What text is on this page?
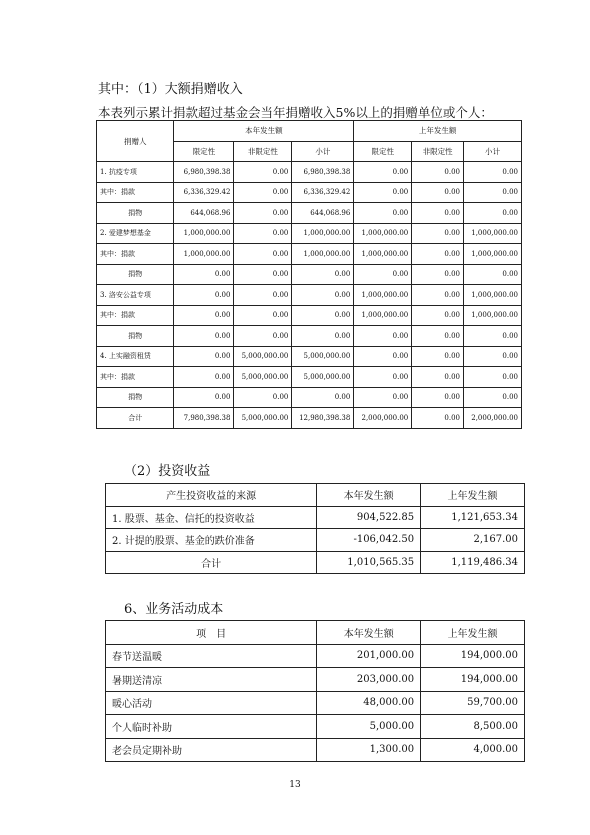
其中：（1）大额捐赠收入
本表列示累计捐款超过基金会当年捐赠收入5%以上的捐赠单位或个人：
捐赠人	本年发生额			上年发生额		
	限定性	非限定性	小计	限定性	非限定性	小计
1. 抗疫专项	6,980,398.38	0.00	6,980,398.38	0.00	0.00	0.00
其中：捐款	6,336,329.42	0.00	6,336,329.42	0.00	0.00	0.00
捐物	644,068.96	0.00	644,068.96	0.00	0.00	0.00
2. 爱建梦想基金	1,000,000.00	0.00	1,000,000.00	1,000,000.00	0.00	1,000,000.00
其中：捐款	1,000,000.00	0.00	1,000,000.00	1,000,000.00	0.00	1,000,000.00
捐物	0.00	0.00	0.00	0.00	0.00	0.00
3. 洛安公益专项	0.00	0.00	0.00	1,000,000.00	0.00	1,000,000.00
其中：捐款	0.00	0.00	0.00	1,000,000.00	0.00	1,000,000.00
捐物	0.00	0.00	0.00	0.00	0.00	0.00
4. 上实融资租赁	0.00	5,000,000.00	5,000,000.00	0.00	0.00	0.00
其中：捐款	0.00	5,000,000.00	5,000,000.00	0.00	0.00	0.00
捐物	0.00	0.00	0.00	0.00	0.00	0.00
合计	7,980,398.38	5,000,000.00	12,980,398.38	2,000,000.00	0.00	2,000,000.00
（2）投资收益
产生投资收益的来源	本年发生额	上年发生额
1. 股票、基金、信托的投资收益	904,522.85	1,121,653.34
2. 计提的股票、基金的跌价准备	-106,042.50	2,167.00
合计	1,010,565.35	1,119,486.34
6、业务活动成本
项　目	本年发生额	上年发生额
春节送温暖	201,000.00	194,000.00
暑期送清凉	203,000.00	194,000.00
暖心活动	48,000.00	59,700.00
个人临时补助	5,000.00	8,500.00
老会员定期补助	1,300.00	4,000.00
13
